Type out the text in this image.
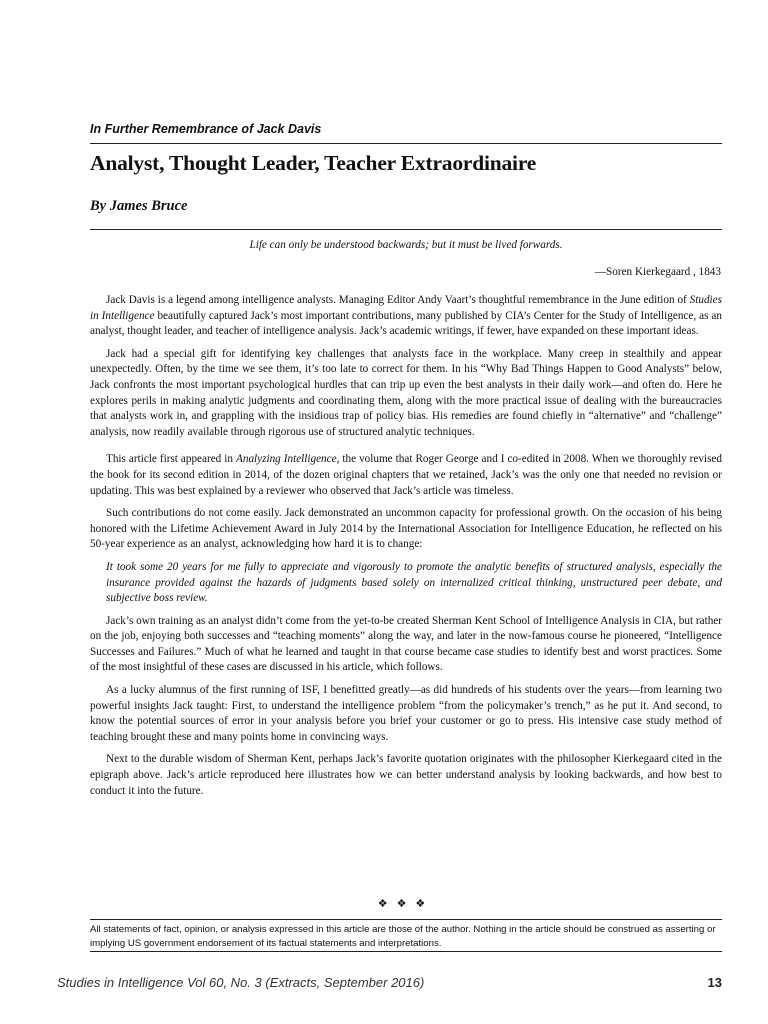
In Further Remembrance of Jack Davis
Analyst, Thought Leader, Teacher Extraordinaire
By James Bruce
Life can only be understood backwards; but it must be lived forwards.
—Soren Kierkegaard , 1843

Jack Davis is a legend among intelligence analysts. Managing Editor Andy Vaart’s thoughtful remembrance in the June edition of Studies in Intelligence beautifully captured Jack’s most important contributions, many published by CIA’s Center for the Study of Intelligence, as an analyst, thought leader, and teacher of intelligence analysis. Jack’s academic writings, if fewer, have expanded on these important ideas.

Jack had a special gift for identifying key challenges that analysts face in the workplace. Many creep in stealthily and appear unexpectedly. Often, by the time we see them, it’s too late to correct for them. In his “Why Bad Things Happen to Good Analysts” below, Jack confronts the most important psychological hurdles that can trip up even the best analysts in their daily work—and often do. Here he explores perils in making analytic judgments and coordinating them, along with the more practical issue of dealing with the bureaucracies that analysts work in, and grappling with the insidious trap of policy bias. His remedies are found chiefly in “alternative” and “challenge” analysis, now readily available through rigorous use of structured analytic techniques.

This article first appeared in Analyzing Intelligence, the volume that Roger George and I co-edited in 2008. When we thoroughly revised the book for its second edition in 2014, of the dozen original chapters that we retained, Jack’s was the only one that needed no revision or updating. This was best explained by a reviewer who observed that Jack’s article was timeless.

Such contributions do not come easily. Jack demonstrated an uncommon capacity for professional growth. On the occasion of his being honored with the Lifetime Achievement Award in July 2014 by the International Association for Intelligence Education, he reflected on his 50-year experience as an analyst, acknowledging how hard it is to change:

It took some 20 years for me fully to appreciate and vigorously to promote the analytic benefits of structured analysis, especially the insurance provided against the hazards of judgments based solely on internalized critical thinking, unstructured peer debate, and subjective boss review.

Jack’s own training as an analyst didn’t come from the yet-to-be created Sherman Kent School of Intelligence Analysis in CIA, but rather on the job, enjoying both successes and “teaching moments” along the way, and later in the now-famous course he pioneered, “Intelligence Successes and Failures.” Much of what he learned and taught in that course became case studies to identify best and worst practices. Some of the most insightful of these cases are discussed in his article, which follows.

As a lucky alumnus of the first running of ISF, I benefitted greatly—as did hundreds of his students over the years—from learning two powerful insights Jack taught: First, to understand the intelligence problem “from the policymaker’s trench,” as he put it. And second, to know the potential sources of error in your analysis before you brief your customer or go to press. His intensive case study method of teaching brought these and many points home in convincing ways.

Next to the durable wisdom of Sherman Kent, perhaps Jack’s favorite quotation originates with the philosopher Kierkegaard cited in the epigraph above. Jack’s article reproduced here illustrates how we can better understand analysis by looking backwards, and how best to conduct it into the future.

❖❖❖
All statements of fact, opinion, or analysis expressed in this article are those of the author. Nothing in the article should be construed as asserting or implying US government endorsement of its factual statements and interpretations.
Studies in Intelligence Vol 60, No. 3 (Extracts, September 2016)	13
